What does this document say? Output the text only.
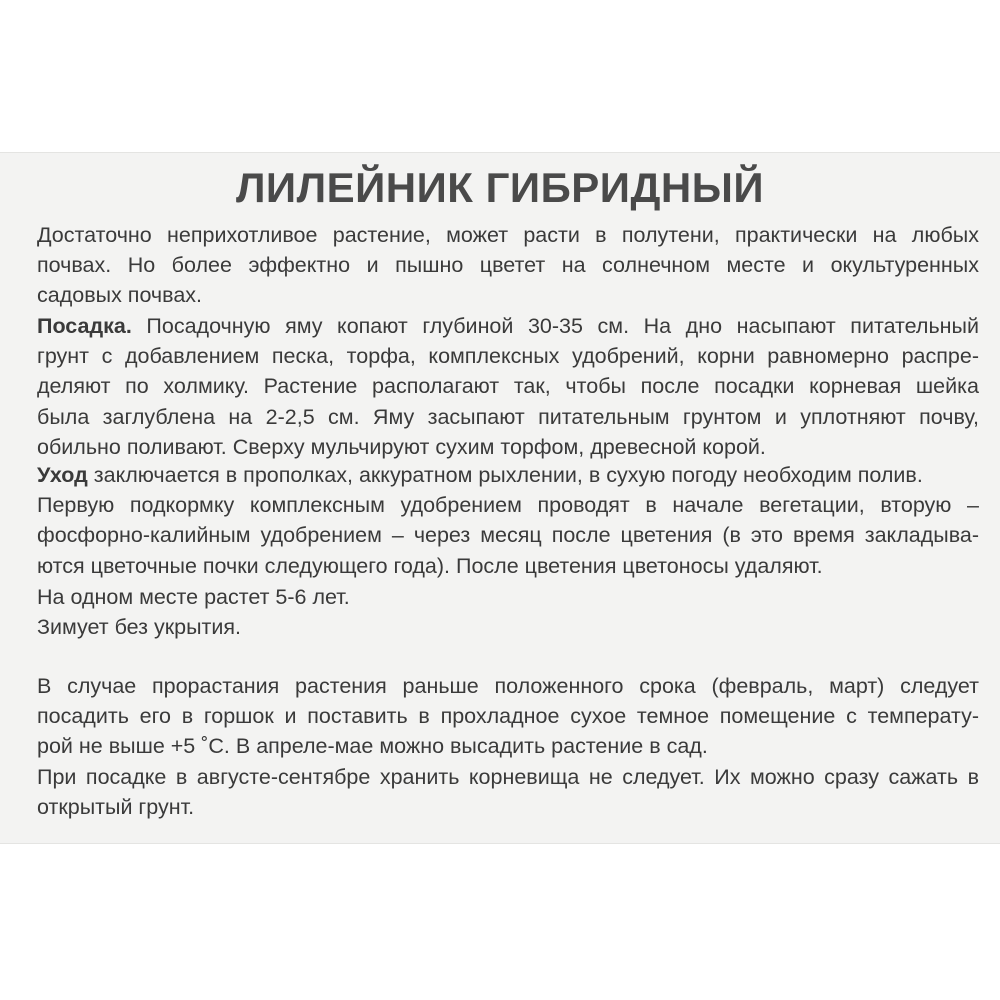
ЛИЛЕЙНИК ГИБРИДНЫЙ
Достаточно неприхотливое растение, может расти в полутени, практически на любых
почвах. Но более эффектно и пышно цветет на солнечном месте и окультуренных
садовых почвах.
Посадка. Посадочную яму копают глубиной 30-35 см. На дно насыпают питательный
грунт с добавлением песка, торфа, комплексных удобрений, корни равномерно распре-
деляют по холмику. Растение располагают так, чтобы после посадки корневая шейка
была заглублена на 2-2,5 см. Яму засыпают питательным грунтом и уплотняют почву,
обильно поливают. Сверху мульчируют сухим торфом, древесной корой.
Уход заключается в прополках, аккуратном рыхлении, в сухую погоду необходим полив.
Первую подкормку комплексным удобрением проводят в начале вегетации, вторую –
фосфорно-калийным удобрением – через месяц после цветения (в это время закладыва-
ются цветочные почки следующего года). После цветения цветоносы удаляют.
На одном месте растет 5-6 лет.
Зимует без укрытия.
В случае прорастания растения раньше положенного срока (февраль, март) следует
посадить его в горшок и поставить в прохладное сухое темное помещение с температу-
рой не выше +5 ˚С. В апреле-мае можно высадить растение в сад.
При посадке в августе-сентябре хранить корневища не следует. Их можно сразу сажать в
открытый грунт.
